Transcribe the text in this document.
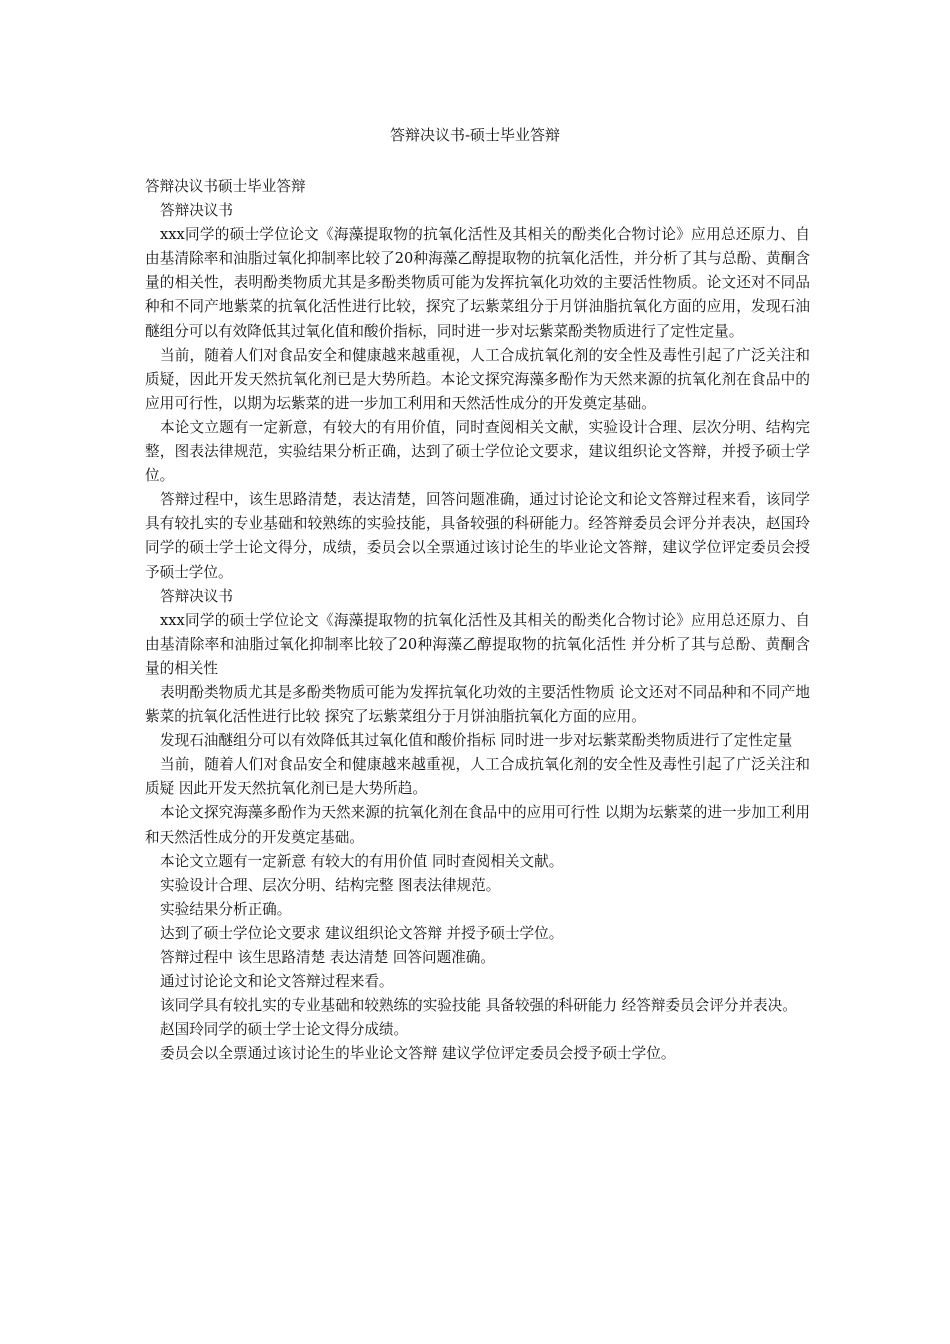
答辩决议书-硕士毕业答辩

答辩决议书硕士毕业答辩

答辩决议书

xxx同学的硕士学位论文《海藻提取物的抗氧化活性及其相关的酚类化合物讨论》应用总还原力、自由基清除率和油脂过氧化抑制率比较了20种海藻乙醇提取物的抗氧化活性，并分析了其与总酚、黄酮含量的相关性，表明酚类物质尤其是多酚类物质可能为发挥抗氧化功效的主要活性物质。论文还对不同品种和不同产地紫菜的抗氧化活性进行比较，探究了坛紫菜组分于月饼油脂抗氧化方面的应用，发现石油醚组分可以有效降低其过氧化值和酸价指标，同时进一步对坛紫菜酚类物质进行了定性定量。

当前，随着人们对食品安全和健康越来越重视，人工合成抗氧化剂的安全性及毒性引起了广泛关注和质疑，因此开发天然抗氧化剂已是大势所趋。本论文探究海藻多酚作为天然来源的抗氧化剂在食品中的应用可行性，以期为坛紫菜的进一步加工利用和天然活性成分的开发奠定基础。

本论文立题有一定新意，有较大的有用价值，同时查阅相关文献，实验设计合理、层次分明、结构完整，图表法律规范，实验结果分析正确，达到了硕士学位论文要求，建议组织论文答辩，并授予硕士学位。

答辩过程中，该生思路清楚，表达清楚，回答问题准确，通过讨论论文和论文答辩过程来看，该同学具有较扎实的专业基础和较熟练的实验技能，具备较强的科研能力。经答辩委员会评分并表决，赵国玲同学的硕士学士论文得分，成绩，委员会以全票通过该讨论生的毕业论文答辩，建议学位评定委员会授予硕士学位。

答辩决议书

xxx同学的硕士学位论文《海藻提取物的抗氧化活性及其相关的酚类化合物讨论》应用总还原力、自由基清除率和油脂过氧化抑制率比较了20种海藻乙醇提取物的抗氧化活性 并分析了其与总酚、黄酮含量的相关性

表明酚类物质尤其是多酚类物质可能为发挥抗氧化功效的主要活性物质 论文还对不同品种和不同产地紫菜的抗氧化活性进行比较 探究了坛紫菜组分于月饼油脂抗氧化方面的应用。

发现石油醚组分可以有效降低其过氧化值和酸价指标 同时进一步对坛紫菜酚类物质进行了定性定量

当前，随着人们对食品安全和健康越来越重视，人工合成抗氧化剂的安全性及毒性引起了广泛关注和质疑 因此开发天然抗氧化剂已是大势所趋。

本论文探究海藻多酚作为天然来源的抗氧化剂在食品中的应用可行性 以期为坛紫菜的进一步加工利用和天然活性成分的开发奠定基础。

本论文立题有一定新意 有较大的有用价值 同时查阅相关文献。

实验设计合理、层次分明、结构完整 图表法律规范。

实验结果分析正确。

达到了硕士学位论文要求 建议组织论文答辩 并授予硕士学位。

答辩过程中 该生思路清楚 表达清楚 回答问题准确。

通过讨论论文和论文答辩过程来看。

该同学具有较扎实的专业基础和较熟练的实验技能 具备较强的科研能力 经答辩委员会评分并表决。

赵国玲同学的硕士学士论文得分成绩。

委员会以全票通过该讨论生的毕业论文答辩 建议学位评定委员会授予硕士学位。
